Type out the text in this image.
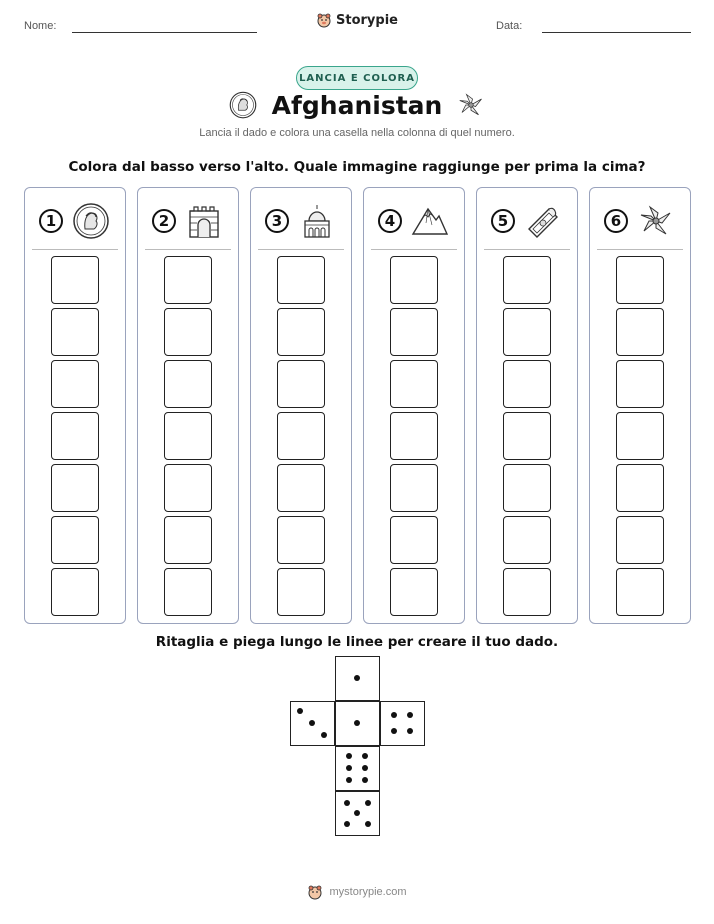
Nome:	Storypie	Data:
LANCIA E COLORA
Afghanistan
Lancia il dado e colora una casella nella colonna di quel numero.
Colora dal basso verso l'alto. Quale immagine raggiunge per prima la cima?
1	2	3	4	5	6
Ritaglia e piega lungo le linee per creare il tuo dado.
mystorypie.com
